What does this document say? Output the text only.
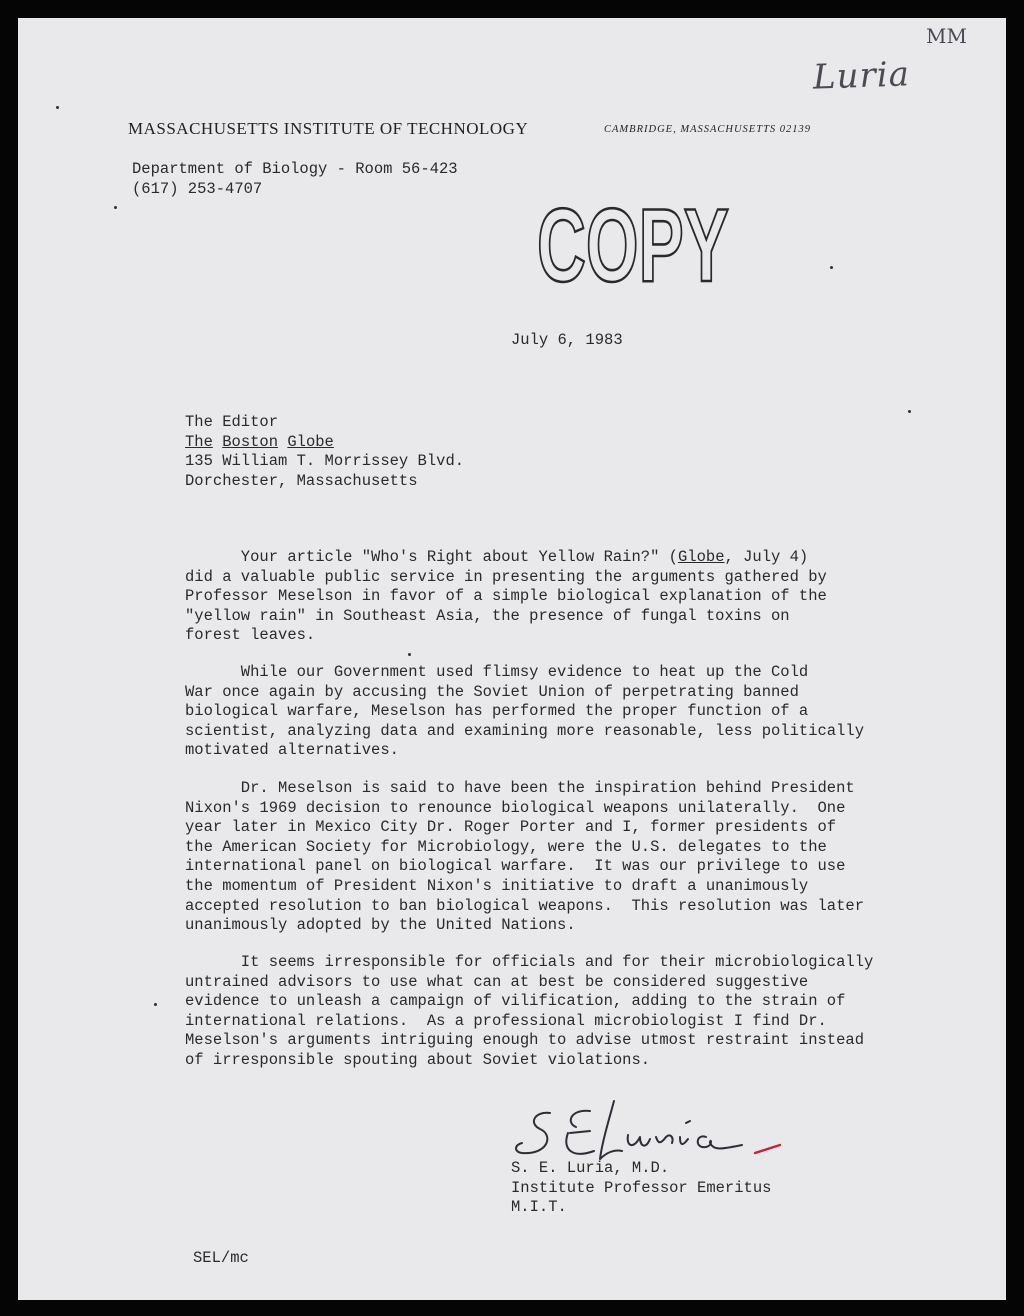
MM
Luria
MASSACHUSETTS INSTITUTE OF TECHNOLOGY	CAMBRIDGE, MASSACHUSETTS 02139
Department of Biology - Room 56-423
(617) 253-4707	COPY
July 6, 1983
The Editor
The Boston Globe
135 William T. Morrissey Blvd.
Dorchester, Massachusetts
Your article "Who's Right about Yellow Rain?" (Globe, July 4)
did a valuable public service in presenting the arguments gathered by
Professor Meselson in favor of a simple biological explanation of the
"yellow rain" in Southeast Asia, the presence of fungal toxins on
forest leaves.
While our Government used flimsy evidence to heat up the Cold
War once again by accusing the Soviet Union of perpetrating banned
biological warfare, Meselson has performed the proper function of a
scientist, analyzing data and examining more reasonable, less politically
motivated alternatives.
Dr. Meselson is said to have been the inspiration behind President
Nixon's 1969 decision to renounce biological weapons unilaterally.  One
year later in Mexico City Dr. Roger Porter and I, former presidents of
the American Society for Microbiology, were the U.S. delegates to the
international panel on biological warfare.  It was our privilege to use
the momentum of President Nixon's initiative to draft a unanimously
accepted resolution to ban biological weapons.  This resolution was later
unanimously adopted by the United Nations.
It seems irresponsible for officials and for their microbiologically
untrained advisors to use what can at best be considered suggestive
evidence to unleash a campaign of vilification, adding to the strain of
international relations.  As a professional microbiologist I find Dr.
Meselson's arguments intriguing enough to advise utmost restraint instead
of irresponsible spouting about Soviet violations.
S. E. Luria, M.D.
Institute Professor Emeritus
M.I.T.
SEL/mc
